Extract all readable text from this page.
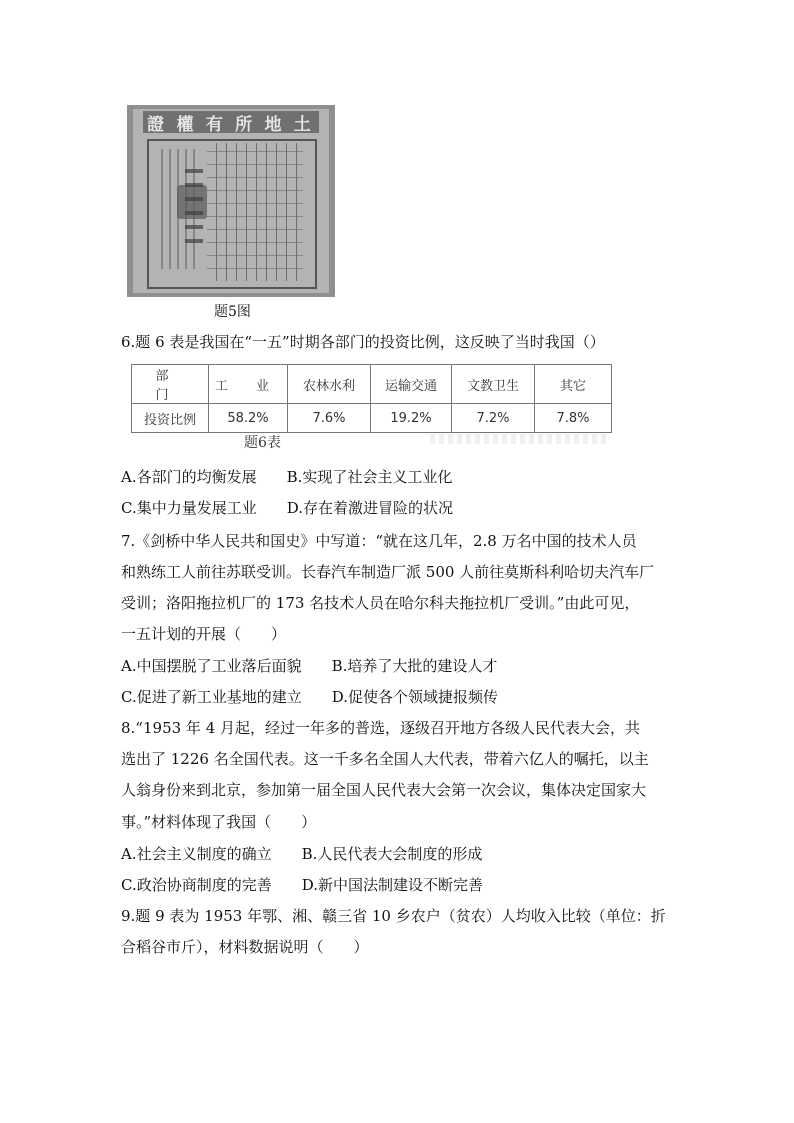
證 權 有 所 地 土
题5图
6.题 6 表是我国在“一五”时期各部门的投资比例，这反映了当时我国（）
部　门	工 业	农林水利	运输交通	文教卫生	其它
投资比例	58.2%	7.6%	19.2%	7.2%	7.8%
题6表
A.各部门的均衡发展　　B.实现了社会主义工业化
C.集中力量发展工业　　D.存在着激进冒险的状况
7.《剑桥中华人民共和国史》中写道：“就在这几年，2.8 万名中国的技术人员
和熟练工人前往苏联受训。长春汽车制造厂派 500 人前往莫斯科利哈切夫汽车厂
受训；洛阳拖拉机厂的 173 名技术人员在哈尔科夫拖拉机厂受训。”由此可见，
一五计划的开展（　　）
A.中国摆脱了工业落后面貌　　B.培养了大批的建设人才
C.促进了新工业基地的建立　　D.促使各个领域捷报频传
8.“1953 年 4 月起，经过一年多的普选，逐级召开地方各级人民代表大会，共
选出了 1226 名全国代表。这一千多名全国人大代表，带着六亿人的嘱托，以主
人翁身份来到北京，参加第一届全国人民代表大会第一次会议，集体决定国家大
事。”材料体现了我国（　　）
A.社会主义制度的确立　　B.人民代表大会制度的形成
C.政治协商制度的完善　　D.新中国法制建设不断完善
9.题 9 表为 1953 年鄂、湘、赣三省 10 乡农户（贫农）人均收入比较（单位：折
合稻谷市斤），材料数据说明（　　）
